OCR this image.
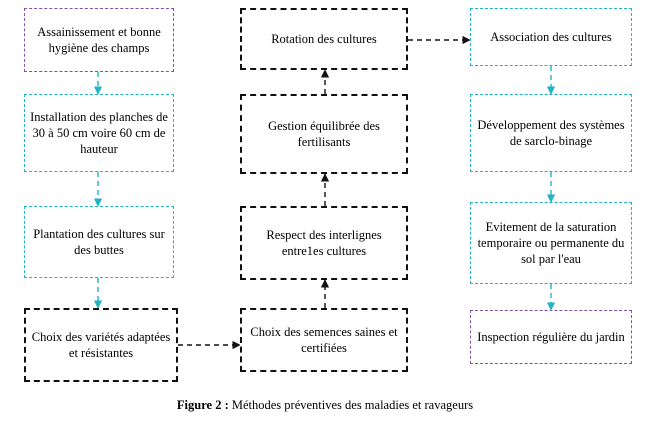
Assainissement et bonne hygiène des champs
Installation des planches de 30 à 50 cm voire 60 cm de hauteur
Plantation des cultures sur des buttes
Choix des variétés adaptées et résistantes
Rotation des cultures
Gestion équilibrée des fertilisants
Respect des interlignes entre1es cultures
Choix des semences saines et certifiées
Association des cultures
Développement des systèmes de sarclo-binage
Evitement de la saturation temporaire ou permanente du sol par l'eau
Inspection régulière du jardin
Figure 2 : Méthodes préventives des maladies et ravageurs
